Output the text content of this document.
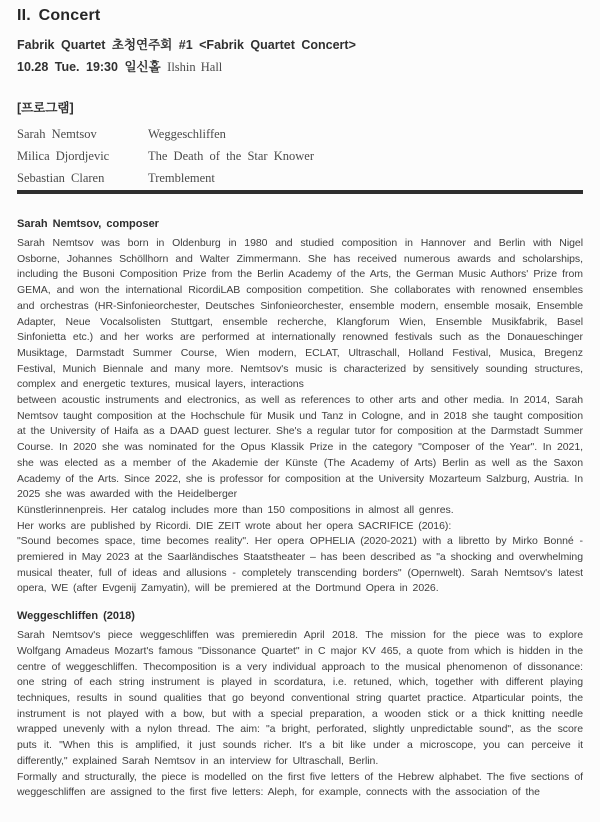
II. Concert
Fabrik Quartet 초청연주회 #1 <Fabrik Quartet Concert>
10.28 Tue. 19:30 일신홀 Ilshin Hall
[프로그램]
Sarah Nemtsov	Weggeschliffen
Milica Djordjevic	The Death of the Star Knower
Sebastian Claren	Tremblement
Sarah Nemtsov, composer
Sarah Nemtsov was born in Oldenburg in 1980 and studied composition in Hannover and Berlin with Nigel Osborne, Johannes Schöllhorn and Walter Zimmermann. She has received numerous awards and scholarships, including the Busoni Composition Prize from the Berlin Academy of the Arts, the German Music Authors' Prize from GEMA, and won the international RicordiLAB composition competition. She collaborates with renowned ensembles and orchestras (HR-Sinfonieorchester, Deutsches Sinfonieorchester, ensemble modern, ensemble mosaik, Ensemble Adapter, Neue Vocalsolisten Stuttgart, ensemble recherche, Klangforum Wien, Ensemble Musikfabrik, Basel Sinfonietta etc.) and her works are performed at internationally renowned festivals such as the Donaueschinger Musiktage, Darmstadt Summer Course, Wien modern, ECLAT, Ultraschall, Holland Festival, Musica, Bregenz Festival, Munich Biennale and many more. Nemtsov's music is characterized by sensitively sounding structures, complex and energetic textures, musical layers, interactions
between acoustic instruments and electronics, as well as references to other arts and other media. In 2014, Sarah Nemtsov taught composition at the Hochschule für Musik und Tanz in Cologne, and in 2018 she taught composition at the University of Haifa as a DAAD guest lecturer. She's a regular tutor for composition at the Darmstadt Summer Course. In 2020 she was nominated for the Opus Klassik Prize in the category "Composer of the Year". In 2021, she was elected as a member of the Akademie der Künste (The Academy of Arts) Berlin as well as the Saxon Academy of the Arts. Since 2022, she is professor for composition at the University Mozarteum Salzburg, Austria. In 2025 she was awarded with the Heidelberger
Künstlerinnenpreis. Her catalog includes more than 150 compositions in almost all genres.
Her works are published by Ricordi. DIE ZEIT wrote about her opera SACRIFICE (2016):
"Sound becomes space, time becomes reality". Her opera OPHELIA (2020-2021) with a libretto by Mirko Bonné - premiered in May 2023 at the Saarländisches Staatstheater – has been described as "a shocking and overwhelming musical theater, full of ideas and allusions - completely transcending borders" (Opernwelt). Sarah Nemtsov's latest opera, WE (after Evgenij Zamyatin), will be premiered at the Dortmund Opera in 2026.
Weggeschliffen (2018)
Sarah Nemtsov's piece weggeschliffen was premieredin April 2018. The mission for the piece was to explore Wolfgang Amadeus Mozart's famous "Dissonance Quartet" in C major KV 465, a quote from which is hidden in the centre of weggeschliffen. Thecomposition is a very individual approach to the musical phenomenon of dissonance: one string of each string instrument is played in scordatura, i.e. retuned, which, together with different playing techniques, results in sound qualities that go beyond conventional string quartet practice. Atparticular points, the instrument is not played with a bow, but with a special preparation, a wooden stick or a thick knitting needle wrapped unevenly with a nylon thread. The aim: "a bright, perforated, slightly unpredictable sound", as the score puts it. "When this is amplified, it just sounds richer. It's a bit like under a microscope, you can perceive it differently," explained Sarah Nemtsov in an interview for Ultraschall, Berlin.
Formally and structurally, the piece is modelled on the first five letters of the Hebrew alphabet. The five sections of weggeschliffen are assigned to the first five letters: Aleph, for example, connects with the association of the
